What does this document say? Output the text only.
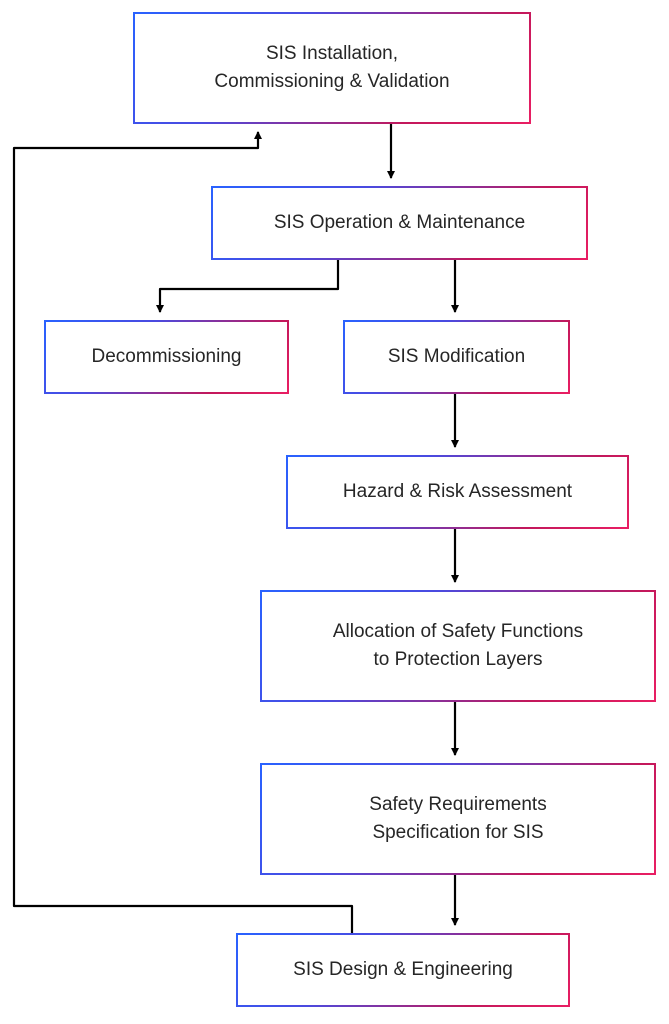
SIS Installation,
Commissioning & Validation
SIS Operation & Maintenance
Decommissioning	SIS Modification
Hazard & Risk Assessment
Allocation of Safety Functions
to Protection Layers
Safety Requirements
Specification for SIS
SIS Design & Engineering
